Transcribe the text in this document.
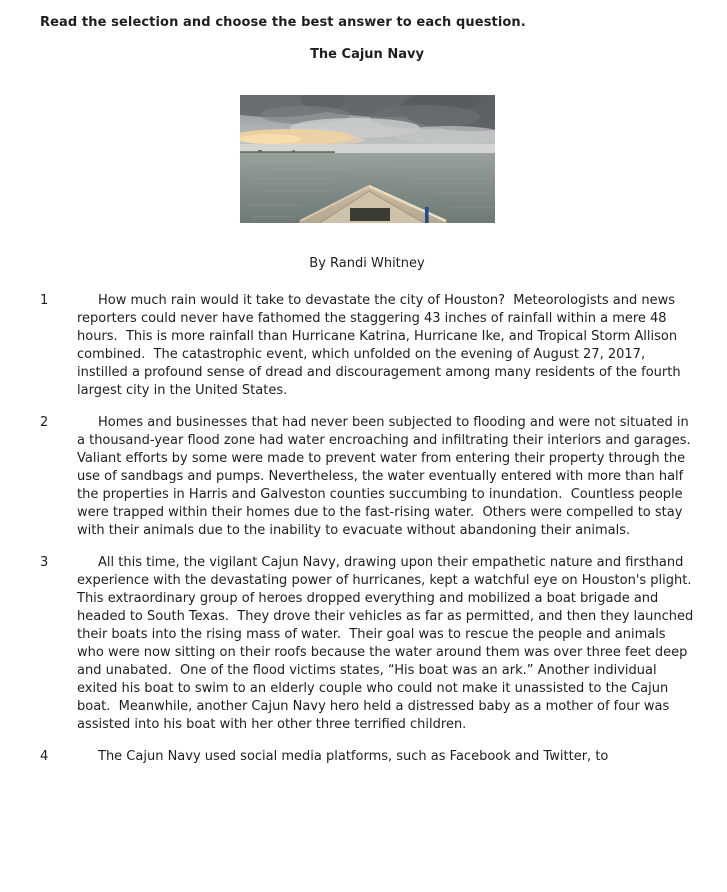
Read the selection and choose the best answer to each question.
The Cajun Navy
By Randi Whitney
1	How much rain would it take to devastate the city of Houston?  Meteorologists and news reporters could never have fathomed the staggering 43 inches of rainfall within a mere 48 hours.  This is more rainfall than Hurricane Katrina, Hurricane Ike, and Tropical Storm Allison combined.  The catastrophic event, which unfolded on the evening of August 27, 2017, instilled a profound sense of dread and discouragement among many residents of the fourth largest city in the United States.
2	Homes and businesses that had never been subjected to flooding and were not situated in a thousand-year flood zone had water encroaching and infiltrating their interiors and garages.  Valiant efforts by some were made to prevent water from entering their property through the use of sandbags and pumps. Nevertheless, the water eventually entered with more than half the properties in Harris and Galveston counties succumbing to inundation.  Countless people were trapped within their homes due to the fast-rising water.  Others were compelled to stay with their animals due to the inability to evacuate without abandoning their animals.
3	All this time, the vigilant Cajun Navy, drawing upon their empathetic nature and firsthand experience with the devastating power of hurricanes, kept a watchful eye on Houston's plight.  This extraordinary group of heroes dropped everything and mobilized a boat brigade and headed to South Texas.  They drove their vehicles as far as permitted, and then they launched their boats into the rising mass of water.  Their goal was to rescue the people and animals who were now sitting on their roofs because the water around them was over three feet deep and unabated.  One of the flood victims states, “His boat was an ark.” Another individual exited his boat to swim to an elderly couple who could not make it unassisted to the Cajun boat.  Meanwhile, another Cajun Navy hero held a distressed baby as a mother of four was assisted into his boat with her other three terrified children.
4	The Cajun Navy used social media platforms, such as Facebook and Twitter, to
